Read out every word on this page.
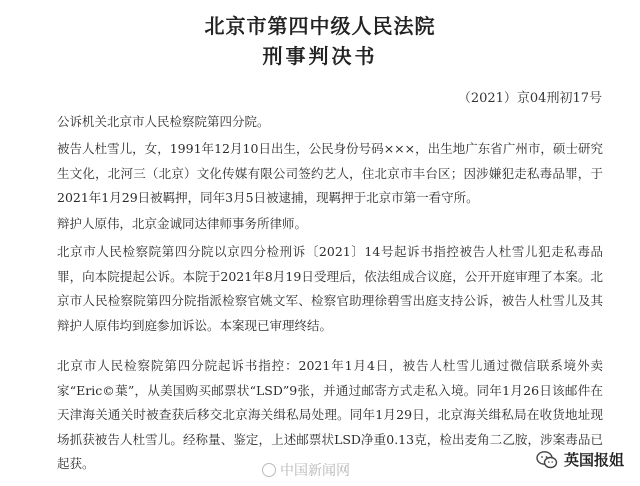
北京市第四中级人民法院
刑事判决书
（2021）京04刑初17号

公诉机关北京市人民检察院第四分院。

被告人杜雪儿，女，1991年12月10日出生，公民身份号码×××，出生地广东省广州市，硕士研究生文化，北河三（北京）文化传媒有限公司签约艺人，住北京市丰台区；因涉嫌犯走私毒品罪，于2021年1月29日被羁押，同年3月5日被逮捕，现羁押于北京市第一看守所。

辩护人原伟，北京金诚同达律师事务所律师。

北京市人民检察院第四分院以京四分检刑诉〔2021〕14号起诉书指控被告人杜雪儿犯走私毒品罪，向本院提起公诉。本院于2021年8月19日受理后，依法组成合议庭，公开开庭审理了本案。北京市人民检察院第四分院指派检察官姚文军、检察官助理徐碧雪出庭支持公诉，被告人杜雪儿及其辩护人原伟均到庭参加诉讼。本案现已审理终结。

北京市人民检察院第四分院起诉书指控：2021年1月4日，被告人杜雪儿通过微信联系境外卖家“Eric©葉”，从美国购买邮票状“LSD”9张，并通过邮寄方式走私入境。同年1月26日该邮件在天津海关通关时被查获后移交北京海关缉私局处理。同年1月29日，北京海关缉私局在收货地址现场抓获被告人杜雪儿。经称量、鉴定，上述邮票状LSD净重0.13克，检出麦角二乙胺，涉案毒品已起获。	中国新闻网
英国报姐
